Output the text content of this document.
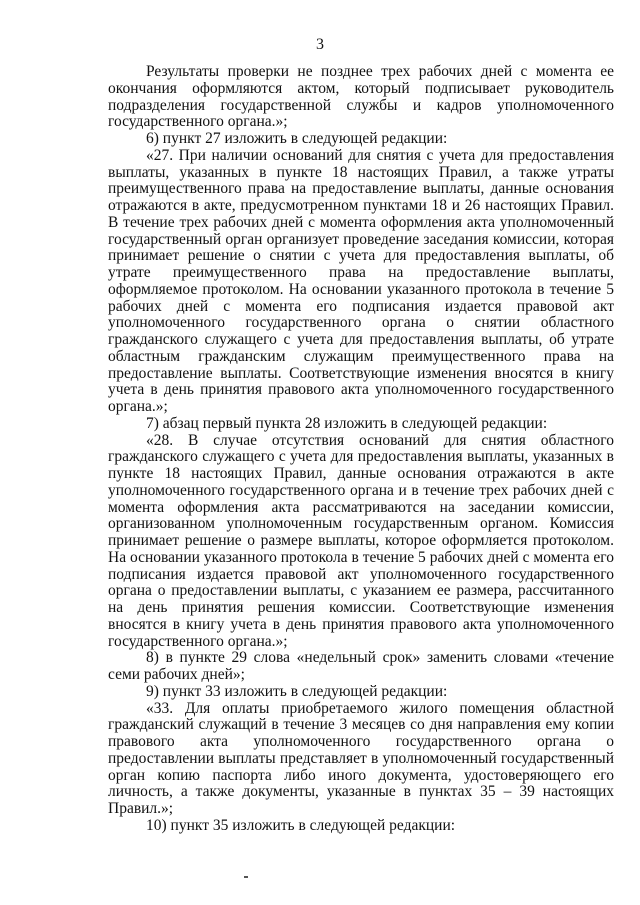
3

Результаты проверки не позднее трех рабочих дней с момента ее окончания оформляются актом, который подписывает руководитель подразделения государственной службы и кадров уполномоченного государственного органа.»;

6) пункт 27 изложить в следующей редакции:

«27. При наличии оснований для снятия с учета для предоставления выплаты, указанных в пункте 18 настоящих Правил, а также утраты преимущественного права на предоставление выплаты, данные основания отражаются в акте, предусмотренном пунктами 18 и 26 настоящих Правил. В течение трех рабочих дней с момента оформления акта уполномоченный государственный орган организует проведение заседания комиссии, которая принимает решение о снятии с учета для предоставления выплаты, об утрате преимущественного права на предоставление выплаты, оформляемое протоколом. На основании указанного протокола в течение 5 рабочих дней с момента его подписания издается правовой акт уполномоченного государственного органа о снятии областного гражданского служащего с учета для предоставления выплаты, об утрате областным гражданским служащим преимущественного права на предоставление выплаты. Соответствующие изменения вносятся в книгу учета в день принятия правового акта уполномоченного государственного органа.»;

7) абзац первый пункта 28 изложить в следующей редакции:

«28. В случае отсутствия оснований для снятия областного гражданского служащего с учета для предоставления выплаты, указанных в пункте 18 настоящих Правил, данные основания отражаются в акте уполномоченного государственного органа и в течение трех рабочих дней с момента оформления акта рассматриваются на заседании комиссии, организованном уполномоченным государственным органом. Комиссия принимает решение о размере выплаты, которое оформляется протоколом. На основании указанного протокола в течение 5 рабочих дней с момента его подписания издается правовой акт уполномоченного государственного органа о предоставлении выплаты, с указанием ее размера, рассчитанного на день принятия решения комиссии. Соответствующие изменения вносятся в книгу учета в день принятия правового акта уполномоченного государственного органа.»;

8) в пункте 29 слова «недельный срок» заменить словами «течение семи рабочих дней»;

9) пункт 33 изложить в следующей редакции:

«33. Для оплаты приобретаемого жилого помещения областной гражданский служащий в течение 3 месяцев со дня направления ему копии правового акта уполномоченного государственного органа о предоставлении выплаты представляет в уполномоченный государственный орган копию паспорта либо иного документа, удостоверяющего его личность, а также документы, указанные в пунктах 35 – 39 настоящих Правил.»;

10) пункт 35 изложить в следующей редакции:
